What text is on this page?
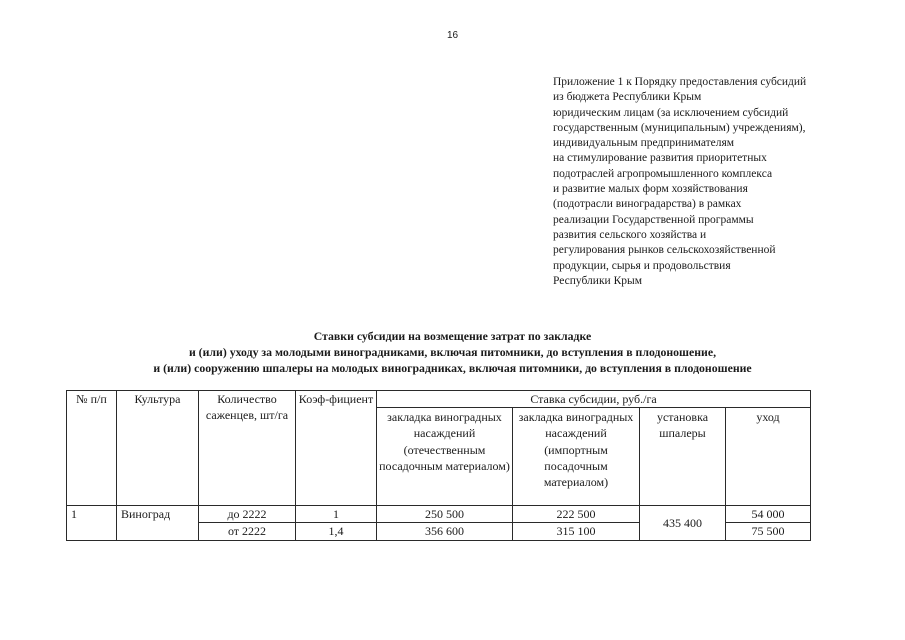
16
Приложение 1 к Порядку предоставления субсидий
из бюджета Республики Крым
юридическим лицам (за исключением субсидий
государственным (муниципальным) учреждениям),
индивидуальным предпринимателям
на стимулирование развития приоритетных
подотраслей агропромышленного комплекса
и развитие малых форм хозяйствования
(подотрасли виноградарства) в рамках
реализации Государственной программы
развития сельского хозяйства и
регулирования рынков сельскохозяйственной
продукции, сырья и продовольствия
Республики Крым
Ставки субсидии на возмещение затрат по закладке
и (или) уходу за молодыми виноградниками, включая питомники, до вступления в плодоношение,
и (или) сооружению шпалеры на молодых виноградниках, включая питомники, до вступления в плодоношение
№ п/п	Культура	Количество саженцев, шт/га	Коэф-фициент	Ставка субсидии, руб./га			
				закладка виноградных насаждений (отечественным посадочным материалом)	закладка виноградных насаждений (импортным посадочным материалом)	установка шпалеры	уход
1	Виноград	до 2222	1	250 500	222 500	435 400	54 000
		от 2222	1,4	356 600	315 100		75 500
